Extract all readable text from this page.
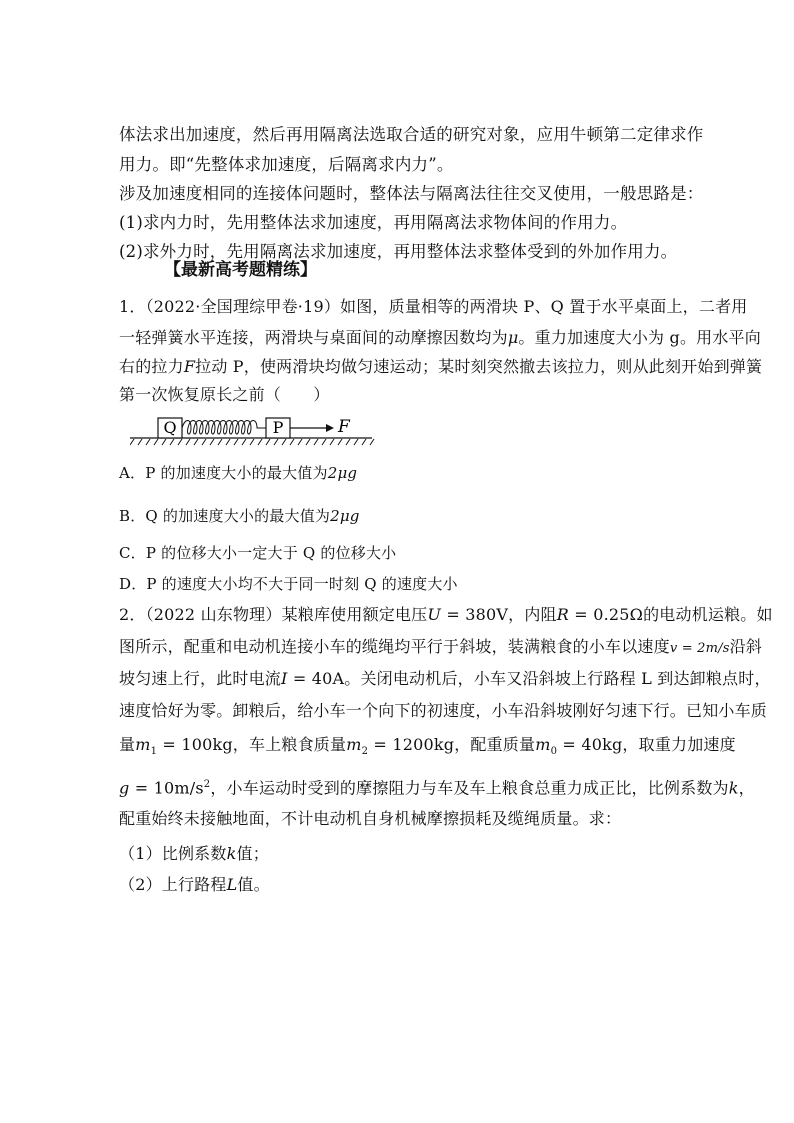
体法求出加速度，然后再用隔离法选取合适的研究对象，应用牛顿第二定律求作
用力。即“先整体求加速度，后隔离求内力”。
涉及加速度相同的连接体问题时，整体法与隔离法往往交叉使用，一般思路是：
(1)求内力时，先用整体法求加速度，再用隔离法求物体间的作用力。
(2)求外力时，先用隔离法求加速度，再用整体法求整体受到的外加作用力。
【最新高考题精练】
1．（2022·全国理综甲卷·19）如图，质量相等的两滑块 P、Q 置于水平桌面上，二者用
一轻弹簧水平连接，两滑块与桌面间的动摩擦因数均为μ。重力加速度大小为 g。用水平向
右的拉力F拉动 P，使两滑块均做匀速运动；某时刻突然撤去该拉力，则从此刻开始到弹簧
第一次恢复原长之前（　　）
Q	P	F
A．P 的加速度大小的最大值为2μg
B．Q 的加速度大小的最大值为2μg
C．P 的位移大小一定大于 Q 的位移大小
D．P 的速度大小均不大于同一时刻 Q 的速度大小
2．（2022 山东物理）某粮库使用额定电压U = 380V，内阻R = 0.25Ω的电动机运粮。如
图所示，配重和电动机连接小车的缆绳均平行于斜坡，装满粮食的小车以速度v = 2m/s沿斜
坡匀速上行，此时电流I = 40A。关闭电动机后，小车又沿斜坡上行路程 L 到达卸粮点时，
速度恰好为零。卸粮后，给小车一个向下的初速度，小车沿斜坡刚好匀速下行。已知小车质
量$m_1 = 100kg$，车上粮食质量$m_2 = 1200kg$，配重质量$m_0 = 40kg$，取重力加速度
$g = 10m/s^2$，小车运动时受到的摩擦阻力与车及车上粮食总重力成正比，比例系数为k，
配重始终未接触地面，不计电动机自身机械摩擦损耗及缆绳质量。求：
（1）比例系数k值；
（2）上行路程L值。
